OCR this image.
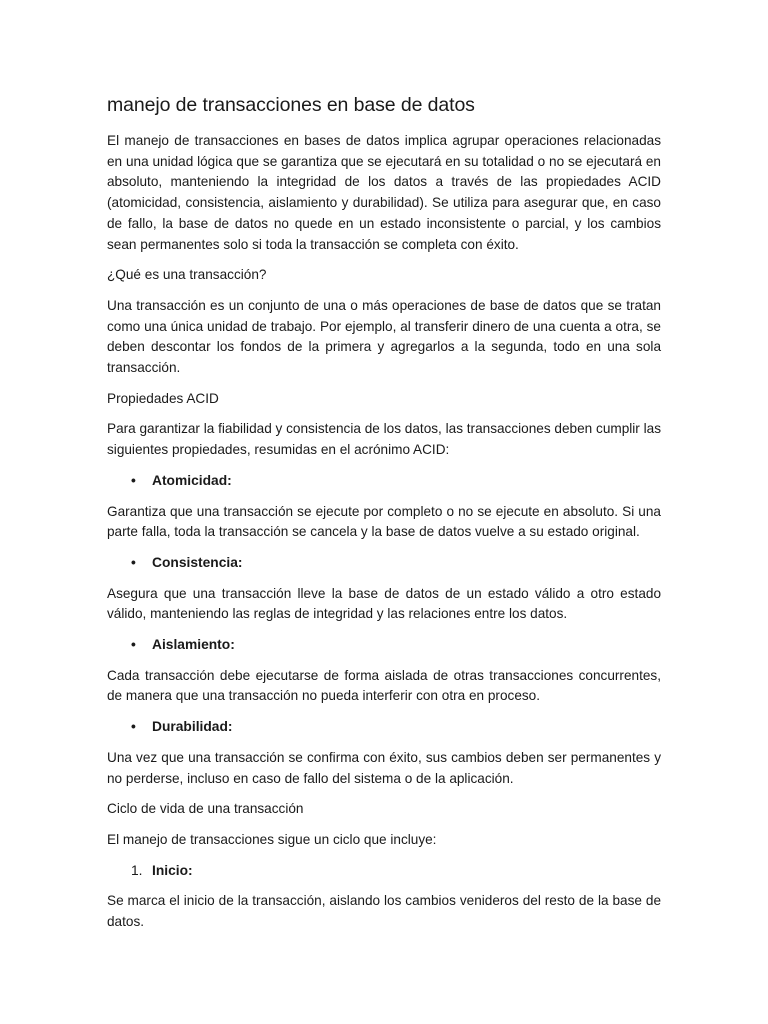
manejo de transacciones en base de datos

El manejo de transacciones en bases de datos implica agrupar operaciones relacionadas en una unidad lógica que se garantiza que se ejecutará en su totalidad o no se ejecutará en absoluto, manteniendo la integridad de los datos a través de las propiedades ACID (atomicidad, consistencia, aislamiento y durabilidad). Se utiliza para asegurar que, en caso de fallo, la base de datos no quede en un estado inconsistente o parcial, y los cambios sean permanentes solo si toda la transacción se completa con éxito.

¿Qué es una transacción?

Una transacción es un conjunto de una o más operaciones de base de datos que se tratan como una única unidad de trabajo. Por ejemplo, al transferir dinero de una cuenta a otra, se deben descontar los fondos de la primera y agregarlos a la segunda, todo en una sola transacción.

Propiedades ACID

Para garantizar la fiabilidad y consistencia de los datos, las transacciones deben cumplir las siguientes propiedades, resumidas en el acrónimo ACID:

•	Atomicidad:

Garantiza que una transacción se ejecute por completo o no se ejecute en absoluto. Si una parte falla, toda la transacción se cancela y la base de datos vuelve a su estado original.

•	Consistencia:

Asegura que una transacción lleve la base de datos de un estado válido a otro estado válido, manteniendo las reglas de integridad y las relaciones entre los datos.

•	Aislamiento:

Cada transacción debe ejecutarse de forma aislada de otras transacciones concurrentes, de manera que una transacción no pueda interferir con otra en proceso.

•	Durabilidad:

Una vez que una transacción se confirma con éxito, sus cambios deben ser permanentes y no perderse, incluso en caso de fallo del sistema o de la aplicación.

Ciclo de vida de una transacción

El manejo de transacciones sigue un ciclo que incluye:

1. Inicio:

Se marca el inicio de la transacción, aislando los cambios venideros del resto de la base de datos.
